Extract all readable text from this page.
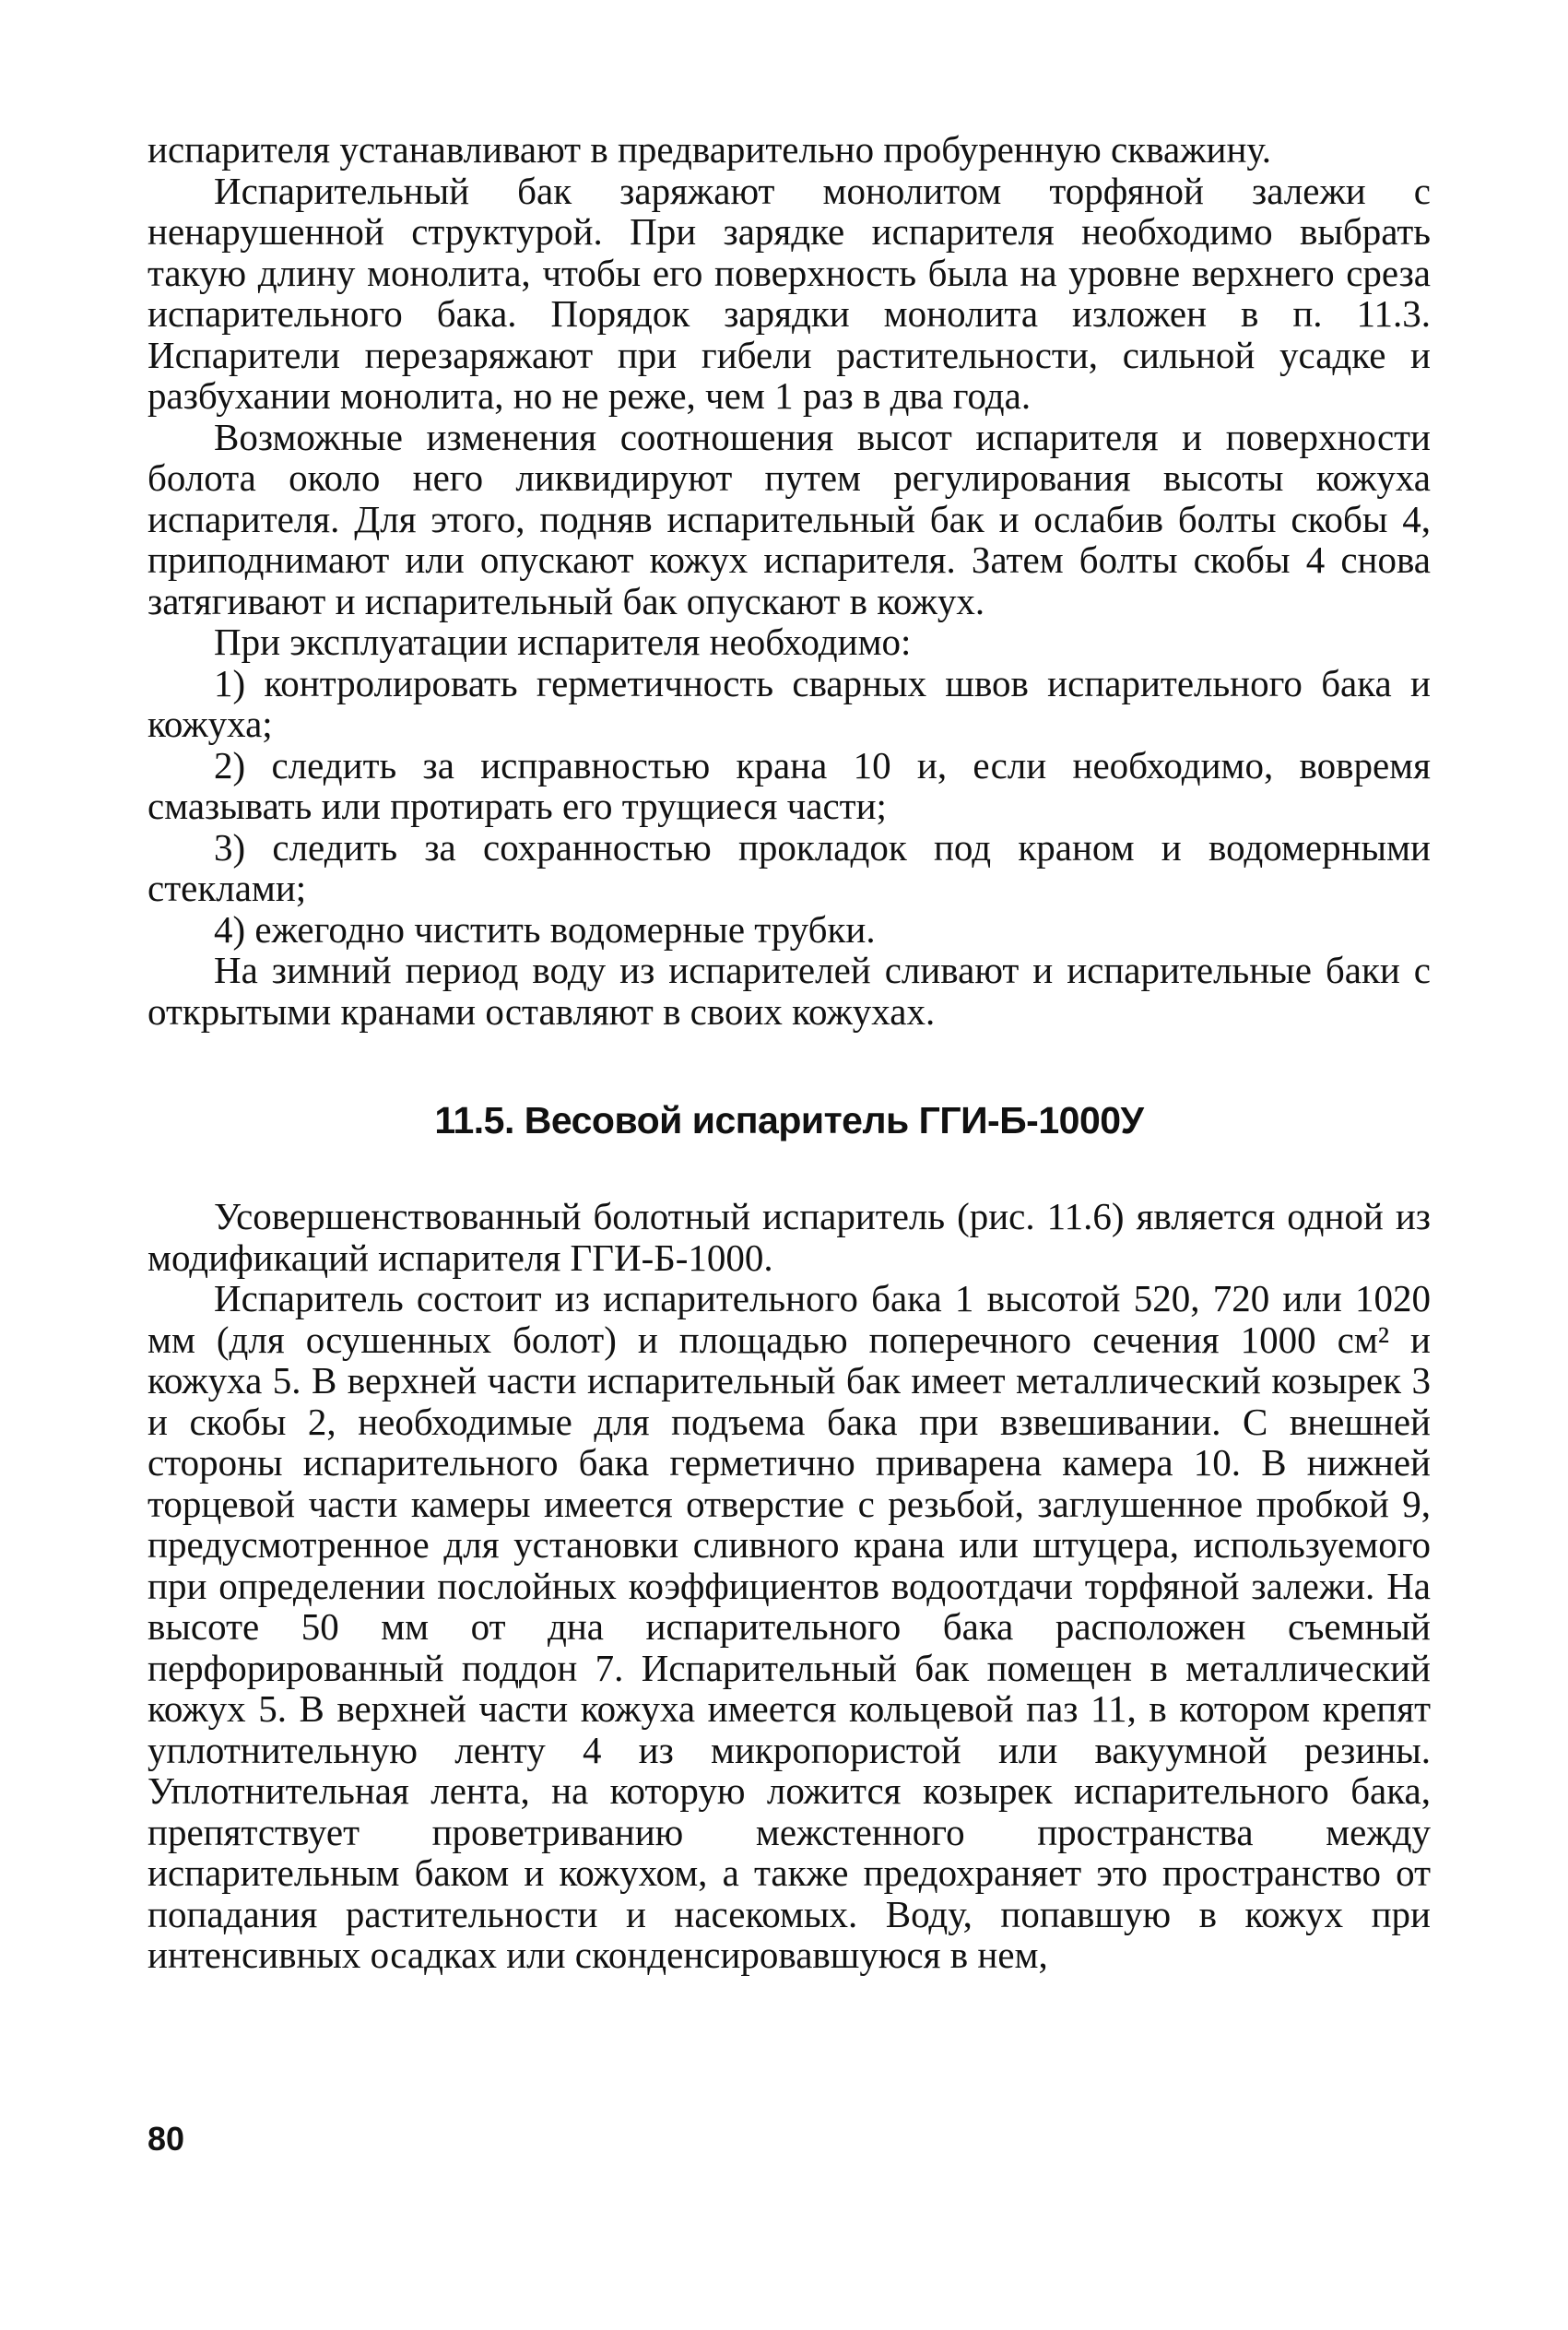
испарителя устанавливают в предварительно пробуренную скважину.

Испарительный бак заряжают монолитом торфяной залежи с ненарушенной структурой. При зарядке испарителя необходимо выбрать такую длину монолита, чтобы его поверхность была на уровне верхнего среза испарительного бака. Порядок зарядки монолита изложен в п. 11.3. Испарители перезаряжают при гибели растительности, сильной усадке и разбухании монолита, но не реже, чем 1 раз в два года.

Возможные изменения соотношения высот испарителя и поверхности болота около него ликвидируют путем регулирования высоты кожуха испарителя. Для этого, подняв испарительный бак и ослабив болты скобы 4, приподнимают или опускают кожух испарителя. Затем болты скобы 4 снова затягивают и испарительный бак опускают в кожух.

При эксплуатации испарителя необходимо:

1) контролировать герметичность сварных швов испарительного бака и кожуха;

2) следить за исправностью крана 10 и, если необходимо, вовремя смазывать или протирать его трущиеся части;

3) следить за сохранностью прокладок под краном и водомерными стеклами;

4) ежегодно чистить водомерные трубки.

На зимний период воду из испарителей сливают и испарительные баки с открытыми кранами оставляют в своих кожухах.

11.5. Весовой испаритель ГГИ-Б-1000У

Усовершенствованный болотный испаритель (рис. 11.6) является одной из модификаций испарителя ГГИ-Б-1000.

Испаритель состоит из испарительного бака 1 высотой 520, 720 или 1020 мм (для осушенных болот) и площадью поперечного сечения 1000 см² и кожуха 5. В верхней части испарительный бак имеет металлический козырек 3 и скобы 2, необходимые для подъема бака при взвешивании. С внешней стороны испарительного бака герметично приварена камера 10. В нижней торцевой части камеры имеется отверстие с резьбой, заглушенное пробкой 9, предусмотренное для установки сливного крана или штуцера, используемого при определении послойных коэффициентов водоотдачи торфяной залежи. На высоте 50 мм от дна испарительного бака расположен съемный перфорированный поддон 7. Испарительный бак помещен в металлический кожух 5. В верхней части кожуха имеется кольцевой паз 11, в котором крепят уплотнительную ленту 4 из микропористой или вакуумной резины. Уплотнительная лента, на которую ложится козырек испарительного бака, препятствует проветриванию межстенного пространства между испарительным баком и кожухом, а также предохраняет это пространство от попадания растительности и насекомых. Воду, попавшую в кожух при интенсивных осадках или сконденсировавшуюся в нем,

80
